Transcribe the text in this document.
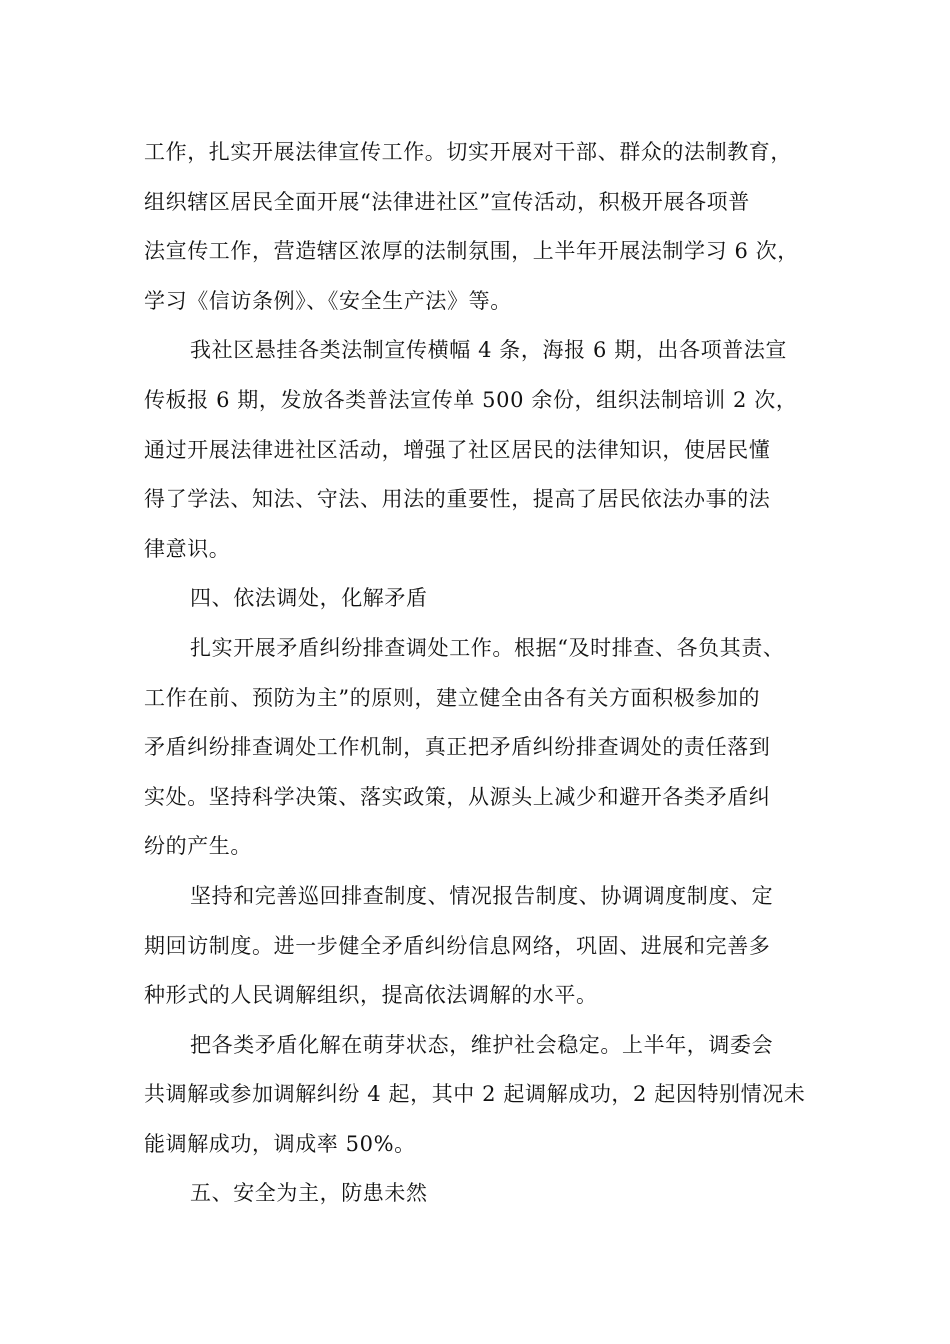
工作，扎实开展法律宣传工作。切实开展对干部、群众的法制教育，
组织辖区居民全面开展“法律进社区”宣传活动，积极开展各项普
法宣传工作，营造辖区浓厚的法制氛围，上半年开展法制学习 6 次，
学习《信访条例》、《安全生产法》等。

我社区悬挂各类法制宣传横幅 4 条，海报 6 期，出各项普法宣
传板报 6 期，发放各类普法宣传单 500 余份，组织法制培训 2 次，
通过开展法律进社区活动，增强了社区居民的法律知识，使居民懂
得了学法、知法、守法、用法的重要性，提高了居民依法办事的法
律意识。

四、依法调处，化解矛盾

扎实开展矛盾纠纷排查调处工作。根据“及时排查、各负其责、
工作在前、预防为主”的原则，建立健全由各有关方面积极参加的
矛盾纠纷排查调处工作机制，真正把矛盾纠纷排查调处的责任落到
实处。坚持科学决策、落实政策，从源头上减少和避开各类矛盾纠
纷的产生。

坚持和完善巡回排查制度、情况报告制度、协调调度制度、定
期回访制度。进一步健全矛盾纠纷信息网络，巩固、进展和完善多
种形式的人民调解组织，提高依法调解的水平。

把各类矛盾化解在萌芽状态，维护社会稳定。上半年，调委会
共调解或参加调解纠纷 4 起，其中 2 起调解成功，2 起因特别情况未
能调解成功，调成率 50%。

五、安全为主，防患未然
